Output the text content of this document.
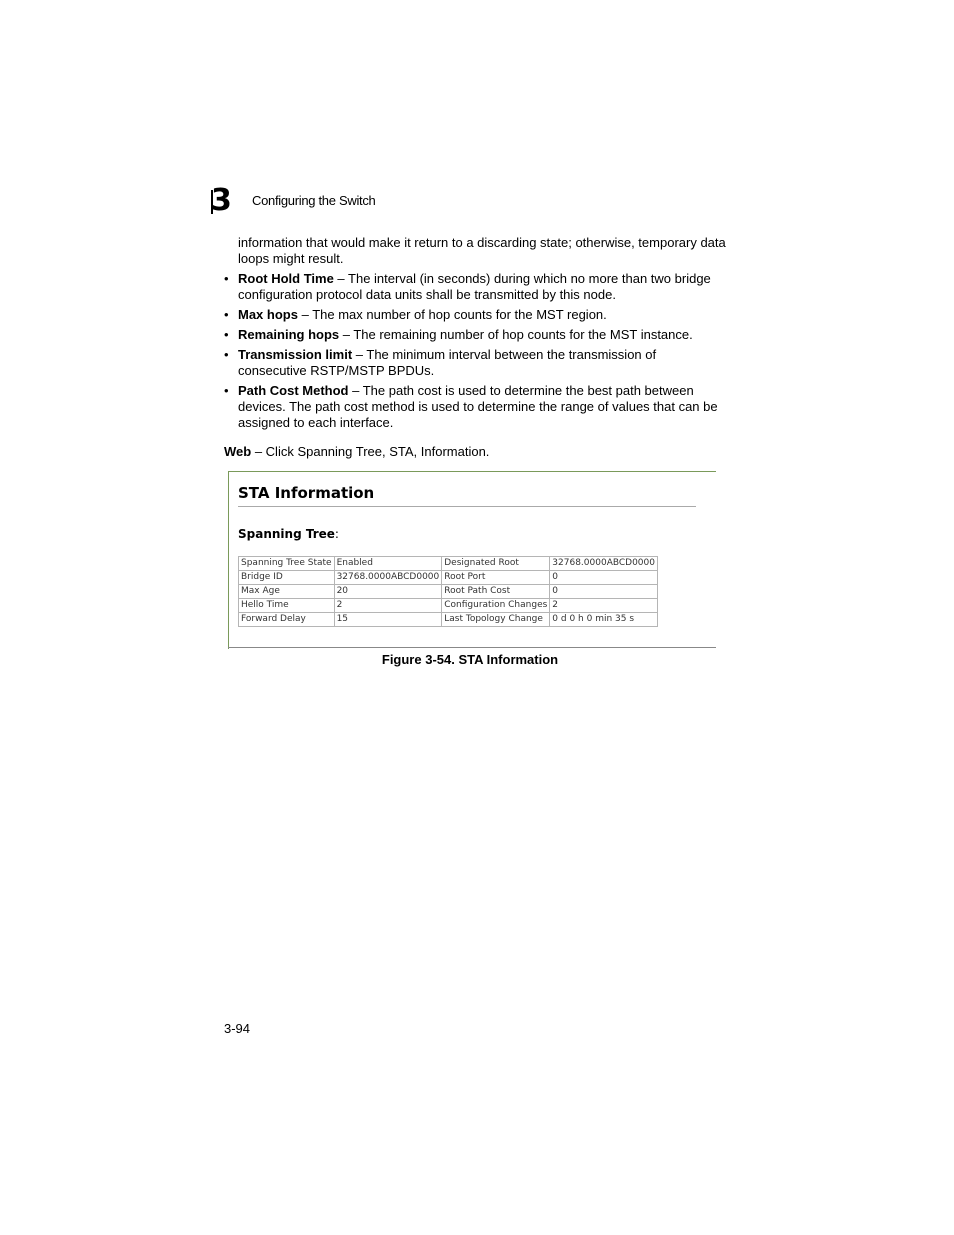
3 Configuring the Switch
information that would make it return to a discarding state; otherwise, temporary data loops might result.
• Root Hold Time – The interval (in seconds) during which no more than two bridge configuration protocol data units shall be transmitted by this node.
• Max hops – The max number of hop counts for the MST region.
• Remaining hops – The remaining number of hop counts for the MST instance.
• Transmission limit – The minimum interval between the transmission of consecutive RSTP/MSTP BPDUs.
• Path Cost Method – The path cost is used to determine the best path between devices. The path cost method is used to determine the range of values that can be assigned to each interface.
Web – Click Spanning Tree, STA, Information.
STA Information
Spanning Tree:
Spanning Tree State	Enabled	Designated Root	32768.0000ABCD0000
Bridge ID	32768.0000ABCD0000	Root Port	0
Max Age	20	Root Path Cost	0
Hello Time	2	Configuration Changes	2
Forward Delay	15	Last Topology Change	0 d 0 h 0 min 35 s
Figure 3-54. STA Information
3-94
